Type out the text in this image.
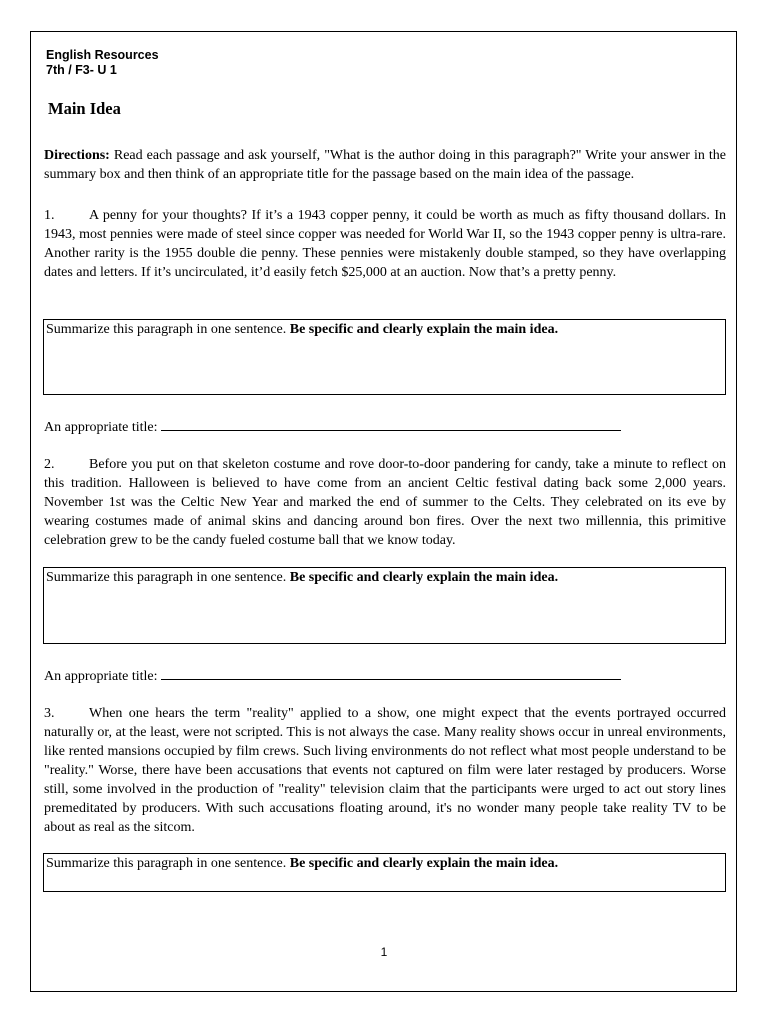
English Resources
7th / F3- U 1
Main Idea

Directions: Read each passage and ask yourself, "What is the author doing in this paragraph?" Write your answer in the summary box and then think of an appropriate title for the passage based on the main idea of the passage.

1. A penny for your thoughts? If it’s a 1943 copper penny, it could be worth as much as fifty thousand dollars. In 1943, most pennies were made of steel since copper was needed for World War II, so the 1943 copper penny is ultra-rare. Another rarity is the 1955 double die penny. These pennies were mistakenly double stamped, so they have overlapping dates and letters. If it’s uncirculated, it’d easily fetch $25,000 at an auction. Now that’s a pretty penny.

Summarize this paragraph in one sentence. Be specific and clearly explain the main idea.
An appropriate title:

2. Before you put on that skeleton costume and rove door-to-door pandering for candy, take a minute to reflect on this tradition. Halloween is believed to have come from an ancient Celtic festival dating back some 2,000 years. November 1st was the Celtic New Year and marked the end of summer to the Celts. They celebrated on its eve by wearing costumes made of animal skins and dancing around bon fires. Over the next two millennia, this primitive celebration grew to be the candy fueled costume ball that we know today.

Summarize this paragraph in one sentence. Be specific and clearly explain the main idea.
An appropriate title:

3. When one hears the term "reality" applied to a show, one might expect that the events portrayed occurred naturally or, at the least, were not scripted. This is not always the case. Many reality shows occur in unreal environments, like rented mansions occupied by film crews. Such living environments do not reflect what most people understand to be "reality." Worse, there have been accusations that events not captured on film were later restaged by producers. Worse still, some involved in the production of "reality" television claim that the participants were urged to act out story lines premeditated by producers. With such accusations floating around, it's no wonder many people take reality TV to be about as real as the sitcom.

Summarize this paragraph in one sentence. Be specific and clearly explain the main idea.
1
